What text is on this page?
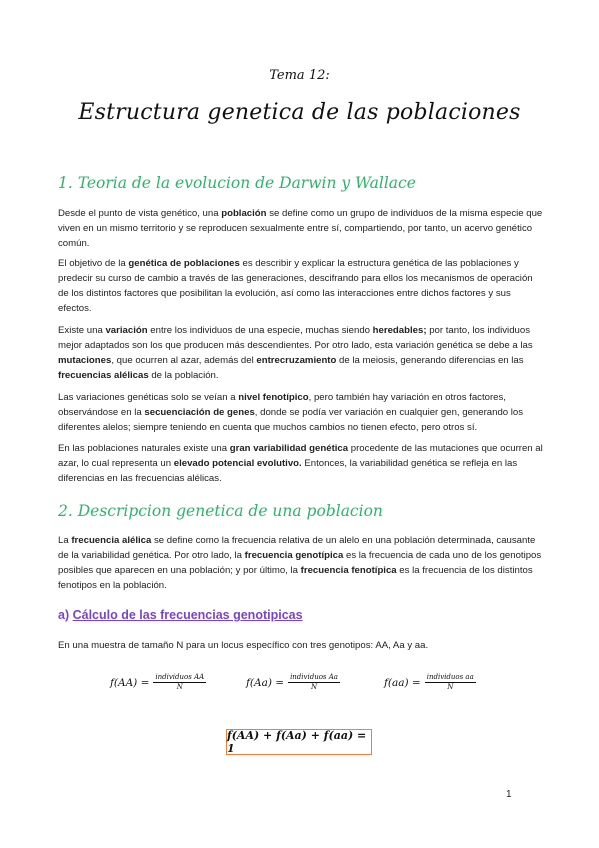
Tema 12:
Estructura genetica de las poblaciones
1. Teoria de la evolucion de Darwin y Wallace
Desde el punto de vista genético, una población se define como un grupo de individuos de la misma especie que viven en un mismo territorio y se reproducen sexualmente entre sí, compartiendo, por tanto, un acervo genético común.
El objetivo de la genética de poblaciones es describir y explicar la estructura genética de las poblaciones y predecir su curso de cambio a través de las generaciones, descifrando para ellos los mecanismos de operación de los distintos factores que posibilitan la evolución, así como las interacciones entre dichos factores y sus efectos.
Existe una variación entre los individuos de una especie, muchas siendo heredables; por tanto, los individuos mejor adaptados son los que producen más descendientes. Por otro lado, esta variación genética se debe a las mutaciones, que ocurren al azar, además del entrecruzamiento de la meiosis, generando diferencias en las frecuencias alélicas de la población.
Las variaciones genéticas solo se veían a nivel fenotípico, pero también hay variación en otros factores, observándose en la secuenciación de genes, donde se podía ver variación en cualquier gen, generando los diferentes alelos; siempre teniendo en cuenta que muchos cambios no tienen efecto, pero otros sí.
En las poblaciones naturales existe una gran variabilidad genética procedente de las mutaciones que ocurren al azar, lo cual representa un elevado potencial evolutivo. Entonces, la variabilidad genética se refleja en las diferencias en las frecuencias alélicas.
2. Descripcion genetica de una poblacion
La frecuencia alélica se define como la frecuencia relativa de un alelo en una población determinada, causante de la variabilidad genética. Por otro lado, la frecuencia genotípica es la frecuencia de cada uno de los genotipos posibles que aparecen en una población; y por último, la frecuencia fenotípica es la frecuencia de los distintos fenotipos en la población.
a) Cálculo de las frecuencias genotipicas
En una muestra de tamaño N para un locus específico con tres genotipos: AA, Aa y aa.
$f(AA) = \frac{\text{individuos AA}}{N}$	$f(Aa) = \frac{\text{individuos Aa}}{N}$	$f(aa) = \frac{\text{individuos aa}}{N}$
f(AA) + f(Aa) + f(aa) = 1
1
